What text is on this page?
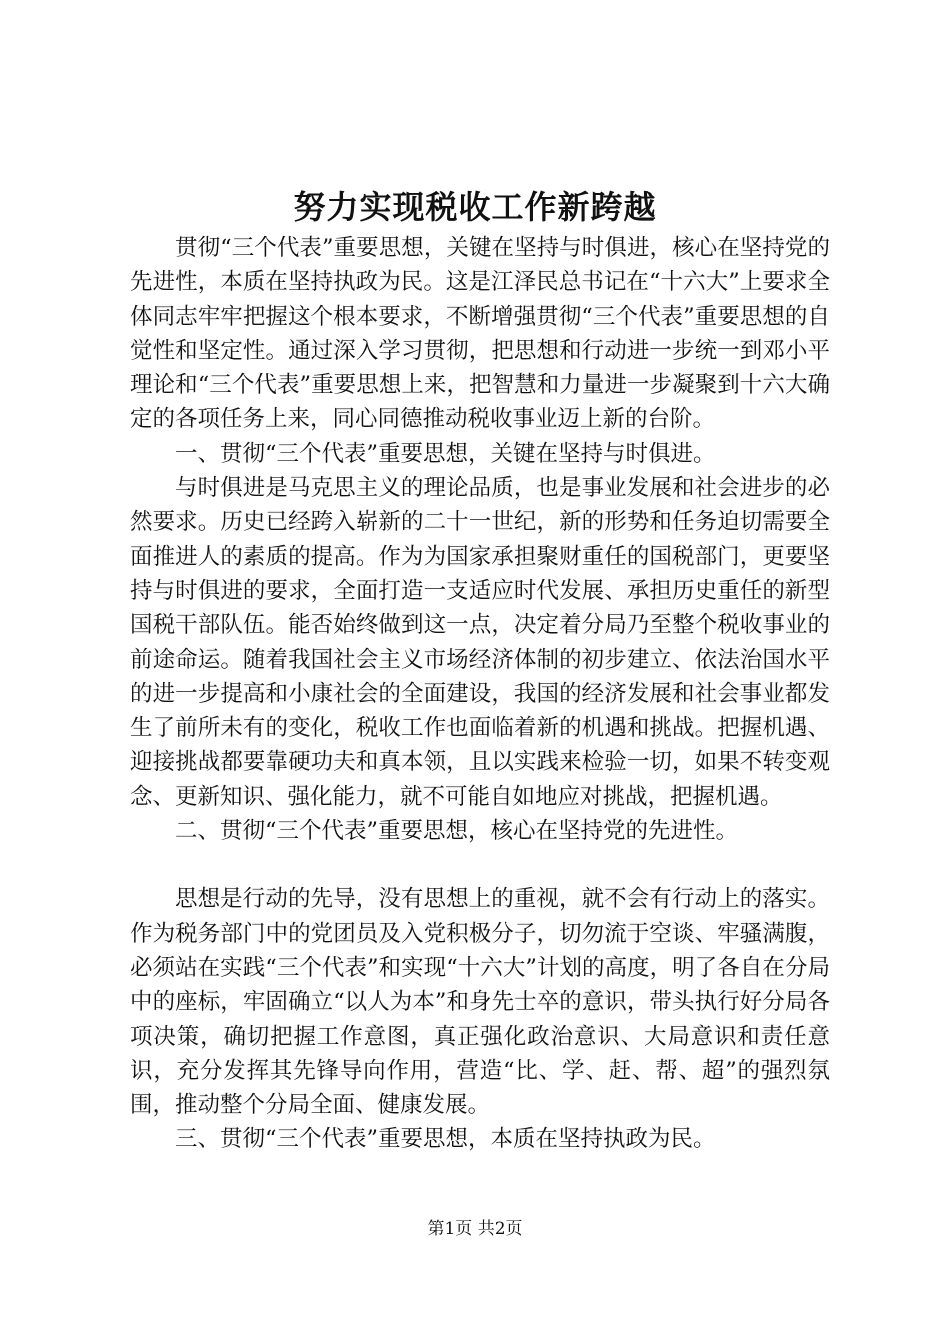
努力实现税收工作新跨越

贯彻“三个代表”重要思想，关键在坚持与时俱进，核心在坚持党的先进性，本质在坚持执政为民。这是江泽民总书记在“十六大”上要求全体同志牢牢把握这个根本要求，不断增强贯彻“三个代表”重要思想的自觉性和坚定性。通过深入学习贯彻，把思想和行动进一步统一到邓小平理论和“三个代表”重要思想上来，把智慧和力量进一步凝聚到十六大确定的各项任务上来，同心同德推动税收事业迈上新的台阶。

一、贯彻“三个代表”重要思想，关键在坚持与时俱进。

与时俱进是马克思主义的理论品质，也是事业发展和社会进步的必然要求。历史已经跨入崭新的二十一世纪，新的形势和任务迫切需要全面推进人的素质的提高。作为为国家承担聚财重任的国税部门，更要坚持与时俱进的要求，全面打造一支适应时代发展、承担历史重任的新型国税干部队伍。能否始终做到这一点，决定着分局乃至整个税收事业的前途命运。随着我国社会主义市场经济体制的初步建立、依法治国水平的进一步提高和小康社会的全面建设，我国的经济发展和社会事业都发生了前所未有的变化，税收工作也面临着新的机遇和挑战。把握机遇、迎接挑战都要靠硬功夫和真本领，且以实践来检验一切，如果不转变观念、更新知识、强化能力，就不可能自如地应对挑战，把握机遇。

二、贯彻“三个代表”重要思想，核心在坚持党的先进性。

思想是行动的先导，没有思想上的重视，就不会有行动上的落实。作为税务部门中的党团员及入党积极分子，切勿流于空谈、牢骚满腹，必须站在实践“三个代表”和实现“十六大”计划的高度，明了各自在分局中的座标，牢固确立“以人为本”和身先士卒的意识，带头执行好分局各项决策，确切把握工作意图，真正强化政治意识、大局意识和责任意识，充分发挥其先锋导向作用，营造“比、学、赶、帮、超”的强烈氛围，推动整个分局全面、健康发展。

三、贯彻“三个代表”重要思想，本质在坚持执政为民。

第1页 共2页
